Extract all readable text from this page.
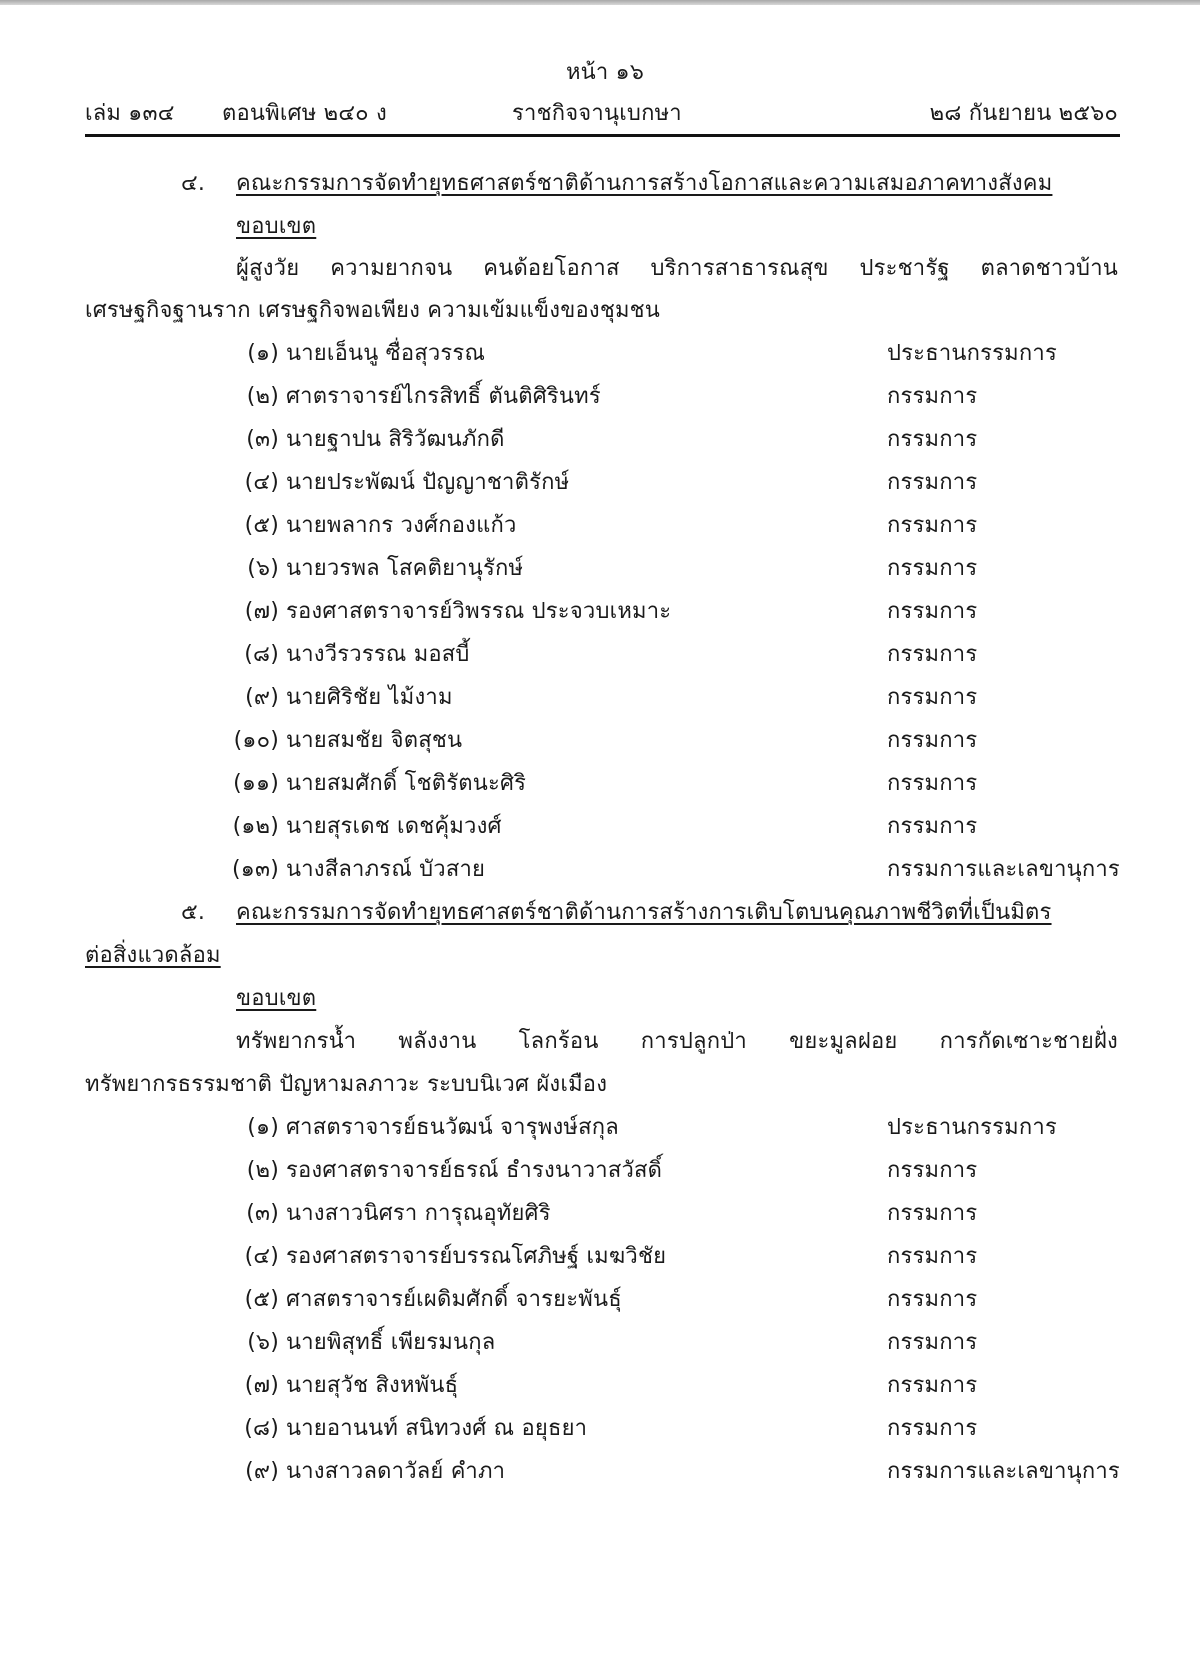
หน้า ๑๖
เล่ม ๑๓๔ ตอนพิเศษ ๒๔๐ ง	ราชกิจจานุเบกษา	๒๘ กันยายน ๒๕๖๐
๔. คณะกรรมการจัดทำยุทธศาสตร์ชาติด้านการสร้างโอกาสและความเสมอภาคทางสังคม
ขอบเขต
ผู้สูงวัย ความยากจน คนด้อยโอกาส บริการสาธารณสุข ประชารัฐ ตลาดชาวบ้าน
เศรษฐกิจฐานราก เศรษฐกิจพอเพียง ความเข้มแข็งของชุมชน
(๑) นายเอ็นนู ซื่อสุวรรณ	ประธานกรรมการ
(๒) ศาตราจารย์ไกรสิทธิ์ ตันติศิรินทร์	กรรมการ
(๓) นายฐาปน สิริวัฒนภักดี	กรรมการ
(๔) นายประพัฒน์ ปัญญาชาติรักษ์	กรรมการ
(๕) นายพลากร วงศ์กองแก้ว	กรรมการ
(๖) นายวรพล โสคติยานุรักษ์	กรรมการ
(๗) รองศาสตราจารย์วิพรรณ ประจวบเหมาะ	กรรมการ
(๘) นางวีรวรรณ มอสบี้	กรรมการ
(๙) นายศิริชัย ไม้งาม	กรรมการ
(๑๐) นายสมชัย จิตสุชน	กรรมการ
(๑๑) นายสมศักดิ์ โชติรัตนะศิริ	กรรมการ
(๑๒) นายสุรเดช เดชคุ้มวงศ์	กรรมการ
(๑๓) นางสีลาภรณ์ บัวสาย	กรรมการและเลขานุการ
๕. คณะกรรมการจัดทำยุทธศาสตร์ชาติด้านการสร้างการเติบโตบนคุณภาพชีวิตที่เป็นมิตร
ต่อสิ่งแวดล้อม
ขอบเขต
ทรัพยากรน้ำ พลังงาน โลกร้อน การปลูกป่า ขยะมูลฝอย การกัดเซาะชายฝั่ง
ทรัพยากรธรรมชาติ ปัญหามลภาวะ ระบบนิเวศ ผังเมือง
(๑) ศาสตราจารย์ธนวัฒน์ จารุพงษ์สกุล	ประธานกรรมการ
(๒) รองศาสตราจารย์ธรณ์ ธำรงนาวาสวัสดิ์	กรรมการ
(๓) นางสาวนิศรา การุณอุทัยศิริ	กรรมการ
(๔) รองศาสตราจารย์บรรณโศภิษฐ์ เมฆวิชัย	กรรมการ
(๕) ศาสตราจารย์เผดิมศักดิ์ จารยะพันธุ์	กรรมการ
(๖) นายพิสุทธิ์ เพียรมนกุล	กรรมการ
(๗) นายสุวัช สิงหพันธุ์	กรรมการ
(๘) นายอานนท์ สนิทวงศ์ ณ อยุธยา	กรรมการ
(๙) นางสาวลดาวัลย์ คำภา	กรรมการและเลขานุการ
